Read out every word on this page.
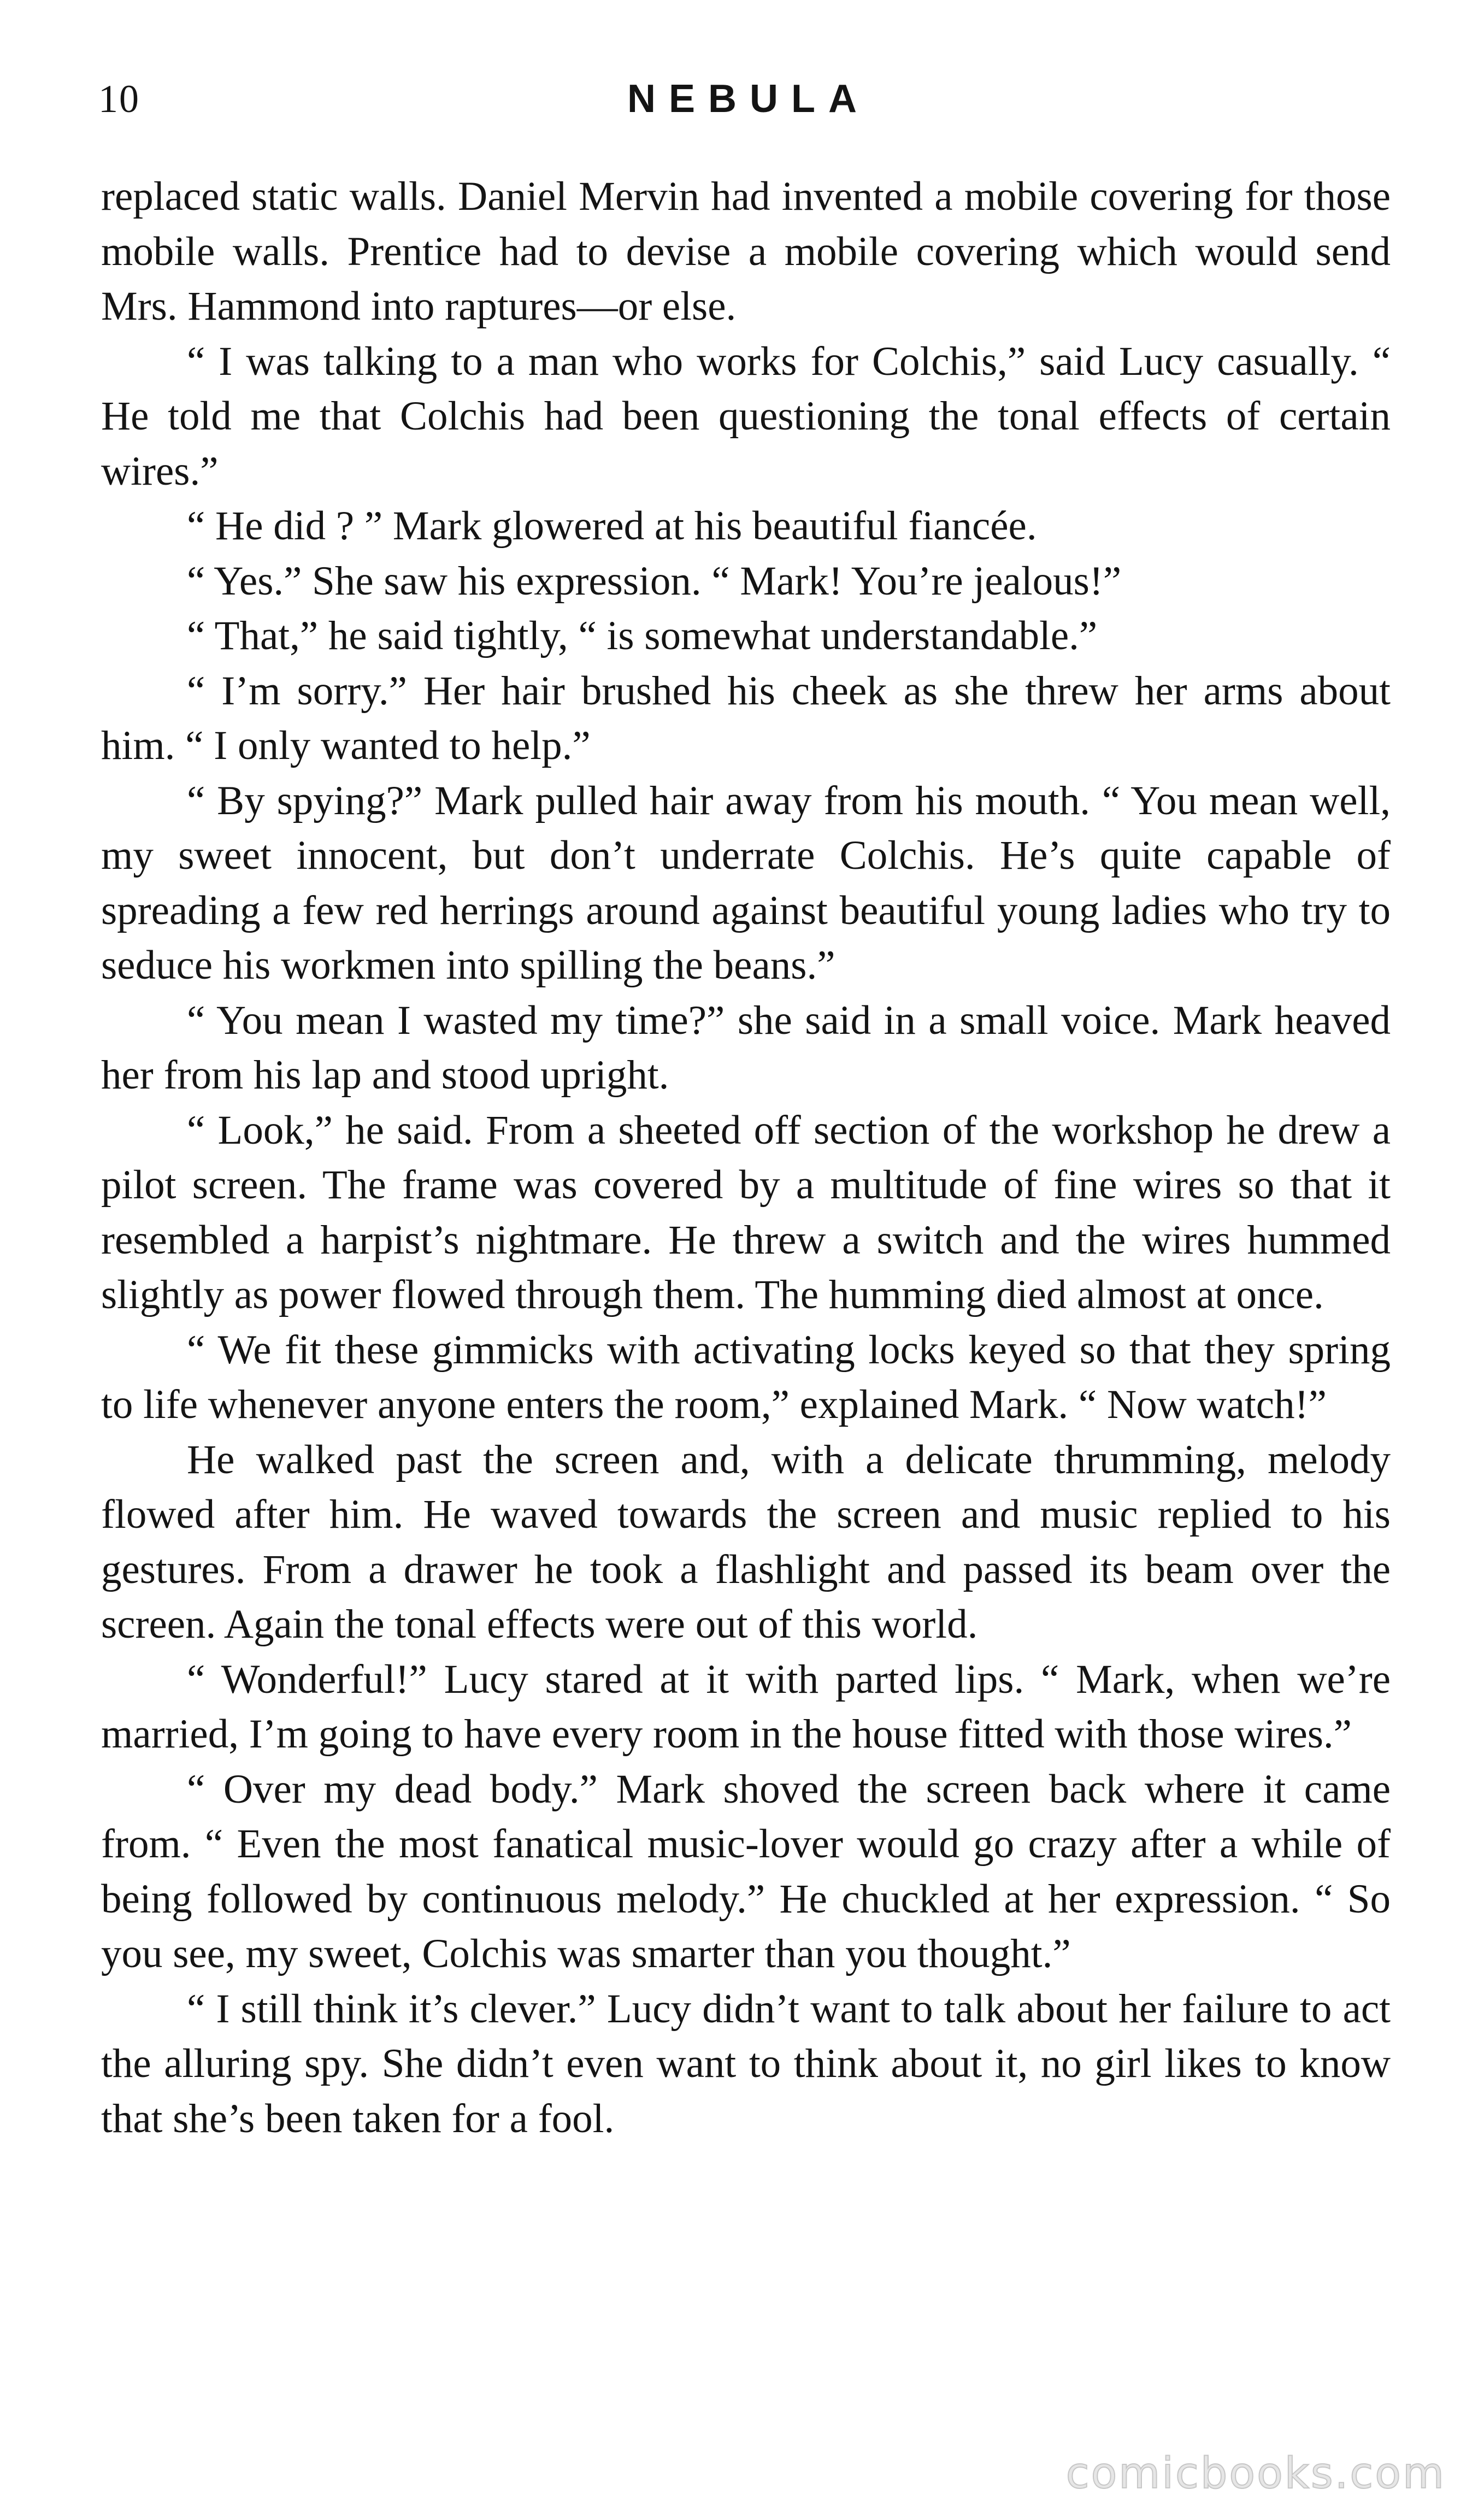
10	NEBULA

replaced static walls. Daniel Mervin had invented a mobile covering for those mobile walls. Prentice had to devise a mobile covering which would send Mrs. Hammond into raptures—or else.

“ I was talking to a man who works for Colchis,” said Lucy casually. “ He told me that Colchis had been questioning the tonal effects of certain wires.”

“ He did ? ” Mark glowered at his beautiful fiancée.

“ Yes.” She saw his expression. “ Mark! You’re jealous!”

“ That,” he said tightly, “ is somewhat understandable.”

“ I’m sorry.” Her hair brushed his cheek as she threw her arms about him. “ I only wanted to help.”

“ By spying?” Mark pulled hair away from his mouth. “ You mean well, my sweet innocent, but don’t underrate Colchis. He’s quite capable of spreading a few red herrings around against beautiful young ladies who try to seduce his workmen into spilling the beans.”

“ You mean I wasted my time?” she said in a small voice. Mark heaved her from his lap and stood upright.

“ Look,” he said. From a sheeted off section of the workshop he drew a pilot screen. The frame was covered by a multitude of fine wires so that it resembled a harpist’s nightmare. He threw a switch and the wires hummed slightly as power flowed through them. The humming died almost at once.

“ We fit these gimmicks with activating locks keyed so that they spring to life whenever anyone enters the room,” explained Mark. “ Now watch!”

He walked past the screen and, with a delicate thrumming, melody flowed after him. He waved towards the screen and music replied to his gestures. From a drawer he took a flashlight and passed its beam over the screen. Again the tonal effects were out of this world.

“ Wonderful!” Lucy stared at it with parted lips. “ Mark, when we’re married, I’m going to have every room in the house fitted with those wires.”

“ Over my dead body.” Mark shoved the screen back where it came from. “ Even the most fanatical music-lover would go crazy after a while of being followed by continuous melody.” He chuckled at her expression. “ So you see, my sweet, Colchis was smarter than you thought.”

“ I still think it’s clever.” Lucy didn’t want to talk about her failure to act the alluring spy. She didn’t even want to think about it, no girl likes to know that she’s been taken for a fool.

comicbooks.com
